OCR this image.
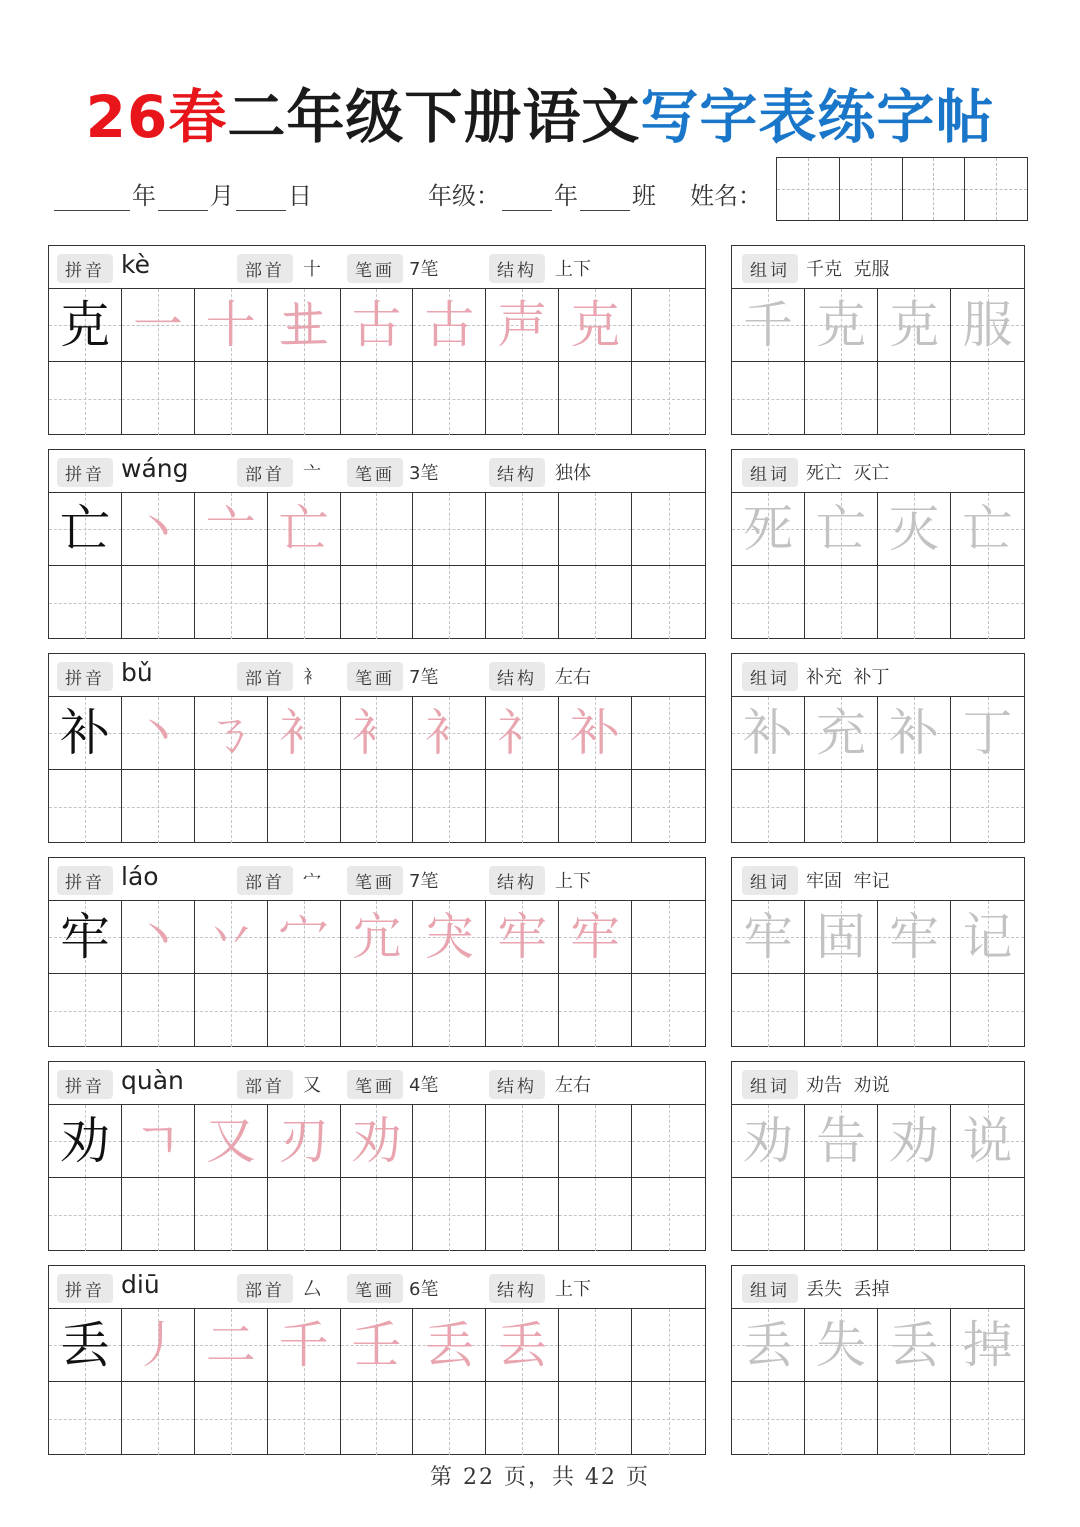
26春二年级下册语文写字表练字帖
年 月 日	年级： 年 班 姓名：
拼音 kè	部首	十	笔画 7笔	结构	上下
克 一 十 𠀎 古 古 声 克
组词 千克  克服
千 克 克 服
拼音 wáng	部首	亠	笔画 3笔	结构	独体
亡 丶 亠 亡
组词 死亡  灭亡
死 亡 灭 亡
拼音 bǔ	部首	衤	笔画 7笔	结构	左右
补 丶 ㄋ 衤 衤 衤 礻 补
组词 补充  补丁
补 充 补 丁
拼音 láo	部首	宀	笔画 7笔	结构	上下
牢 丶 丷 宀 宂 宊 牢 牢
组词 牢固  牢记
牢 固 牢 记
拼音 quàn	部首	又	笔画 4笔	结构	左右
劝 ㄱ 又 刃 劝
组词 劝告  劝说
劝 告 劝 说
拼音 diū	部首	厶	笔画 6笔	结构	上下
丢 丿 二 千 壬 丢 丢
组词 丢失  丢掉
丢 失 丢 掉
第 22 页，共 42 页
